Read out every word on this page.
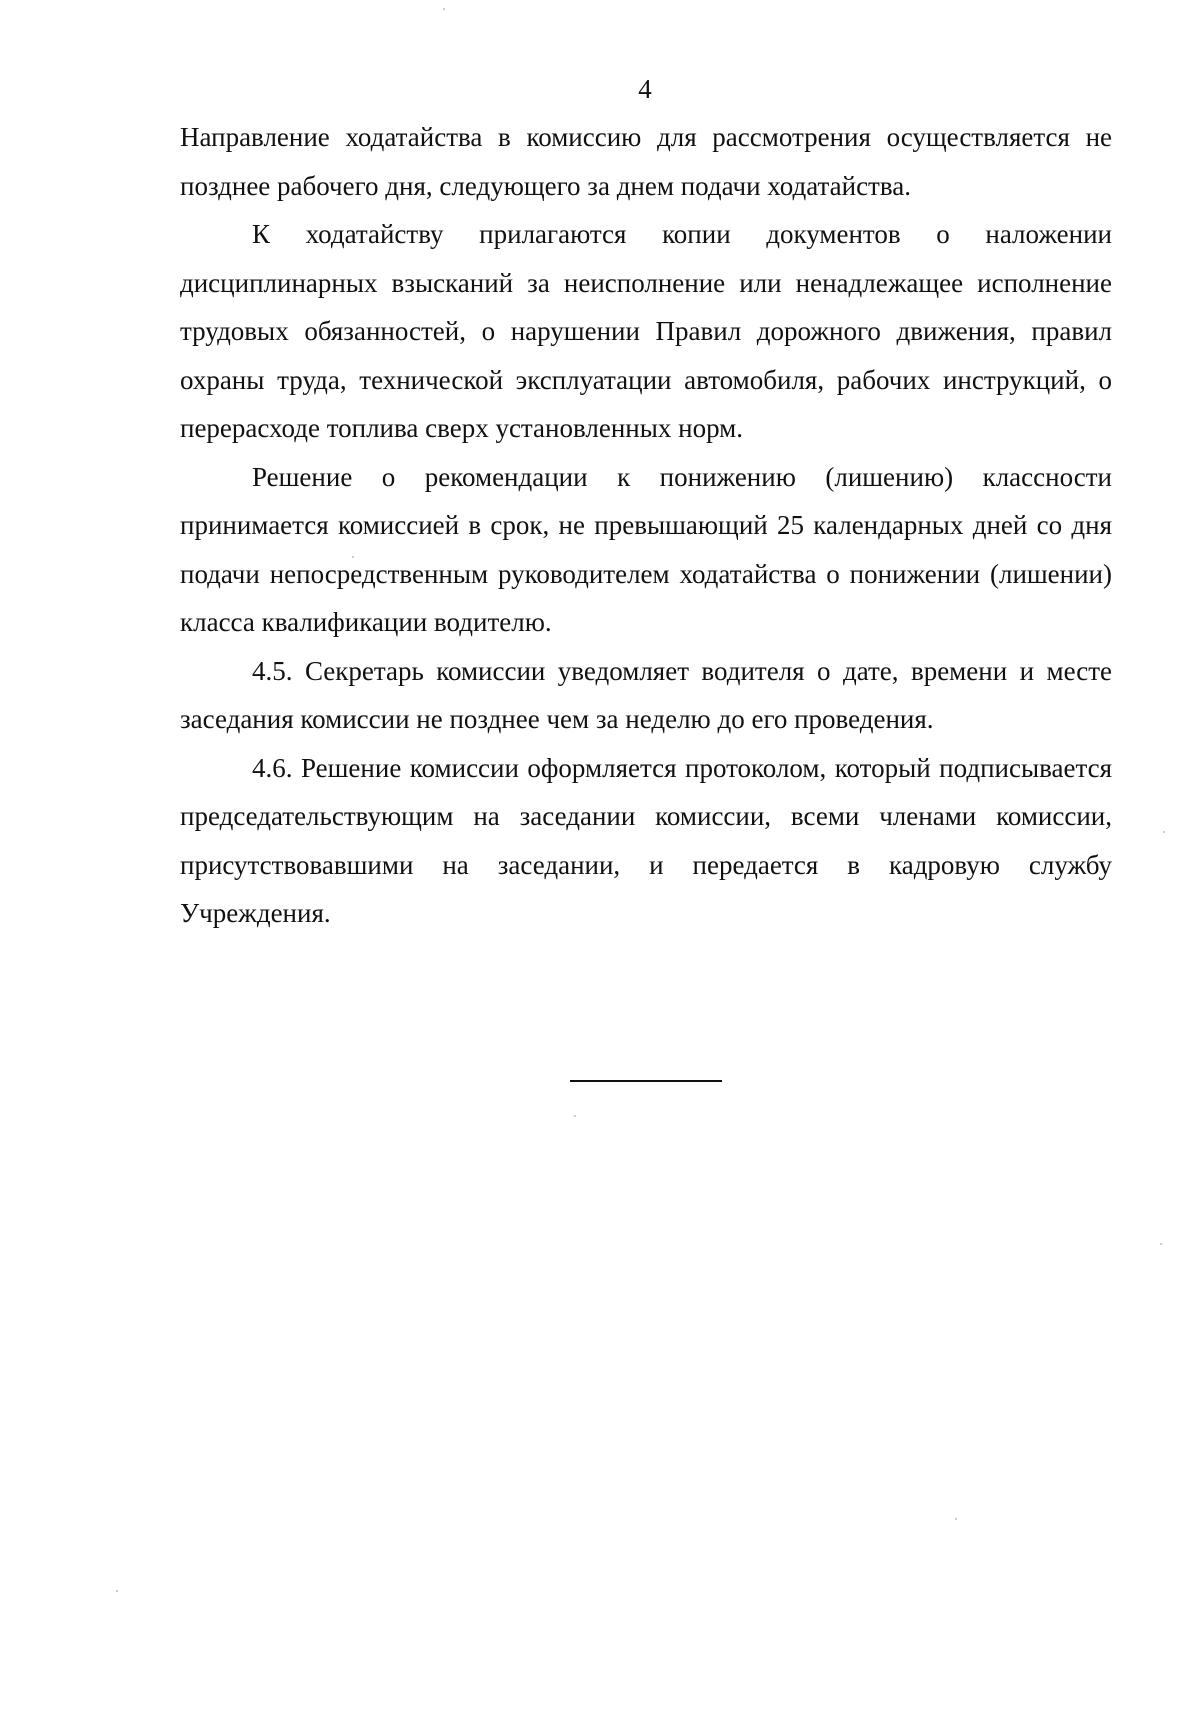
4

Направление ходатайства в комиссию для рассмотрения осуществляется не позднее рабочего дня, следующего за днем подачи ходатайства.

К ходатайству прилагаются копии документов о наложении дисциплинарных взысканий за неисполнение или ненадлежащее исполнение трудовых обязанностей, о нарушении Правил дорожного движения, правил охраны труда, технической эксплуатации автомобиля, рабочих инструкций, о перерасходе топлива сверх установленных норм.

Решение о рекомендации к понижению (лишению) классности принимается комиссией в срок, не превышающий 25 календарных дней со дня подачи непосредственным руководителем ходатайства о понижении (лишении) класса квалификации водителю.

4.5. Секретарь комиссии уведомляет водителя о дате, времени и месте заседания комиссии не позднее чем за неделю до его проведения.

4.6. Решение комиссии оформляется протоколом, который подписывается председательствующим на заседании комиссии, всеми членами комиссии, присутствовавшими на заседании, и передается в кадровую службу Учреждения.
